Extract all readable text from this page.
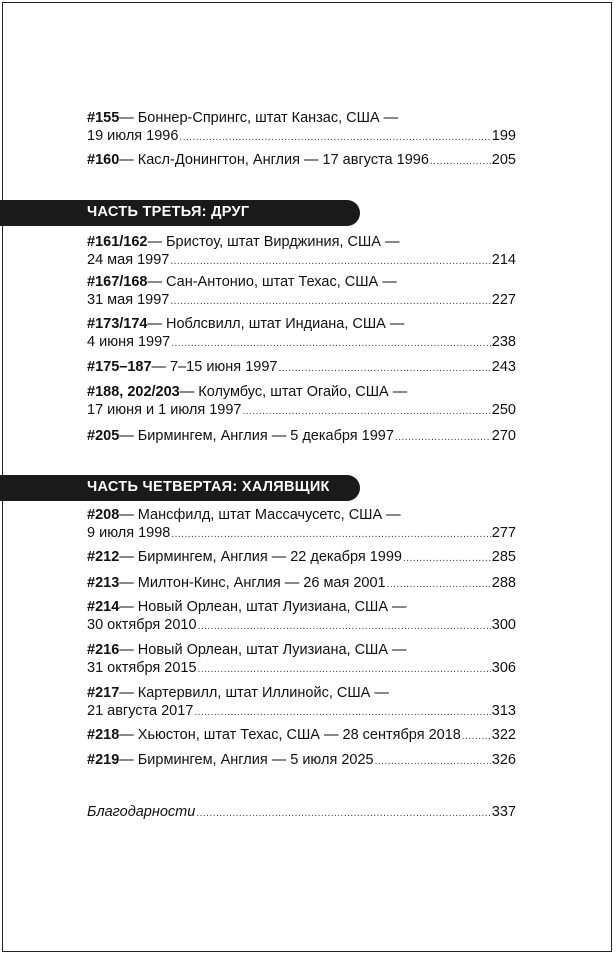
#155 — Боннер-Спрингс, штат Канзас, США —
19 июля 1996 .....	199
#160 — Касл-Донингтон, Англия — 17 августа 1996 .....	205
ЧАСТЬ ТРЕТЬЯ: ДРУГ
#161/162 — Бристоу, штат Вирджиния, США —
24 мая 1997 .....	214
#167/168 — Сан-Антонио, штат Техас, США —
31 мая 1997 .....	227
#173/174 — Ноблсвилл, штат Индиана, США —
4 июня 1997 .....	238
#175–187 — 7–15 июня 1997 .....	243
#188, 202/203 — Колумбус, штат Огайо, США —
17 июня и 1 июля 1997 .....	250
#205 — Бирмингем, Англия — 5 декабря 1997 .....	270
ЧАСТЬ ЧЕТВЕРТАЯ: ХАЛЯВЩИК
#208 — Мансфилд, штат Массачусетс, США —
9 июля 1998 .....	277
#212 — Бирмингем, Англия — 22 декабря 1999 .....	285
#213 — Милтон-Кинс, Англия — 26 мая 2001 .....	288
#214 — Новый Орлеан, штат Луизиана, США —
30 октября 2010 .....	300
#216 — Новый Орлеан, штат Луизиана, США —
31 октября 2015 .....	306
#217 — Картервилл, штат Иллинойс, США —
21 августа 2017 .....	313
#218 — Хьюстон, штат Техас, США — 28 сентября 2018 ..... 322
#219 — Бирмингем, Англия — 5 июля 2025 .....	326
Благодарности .....	337
